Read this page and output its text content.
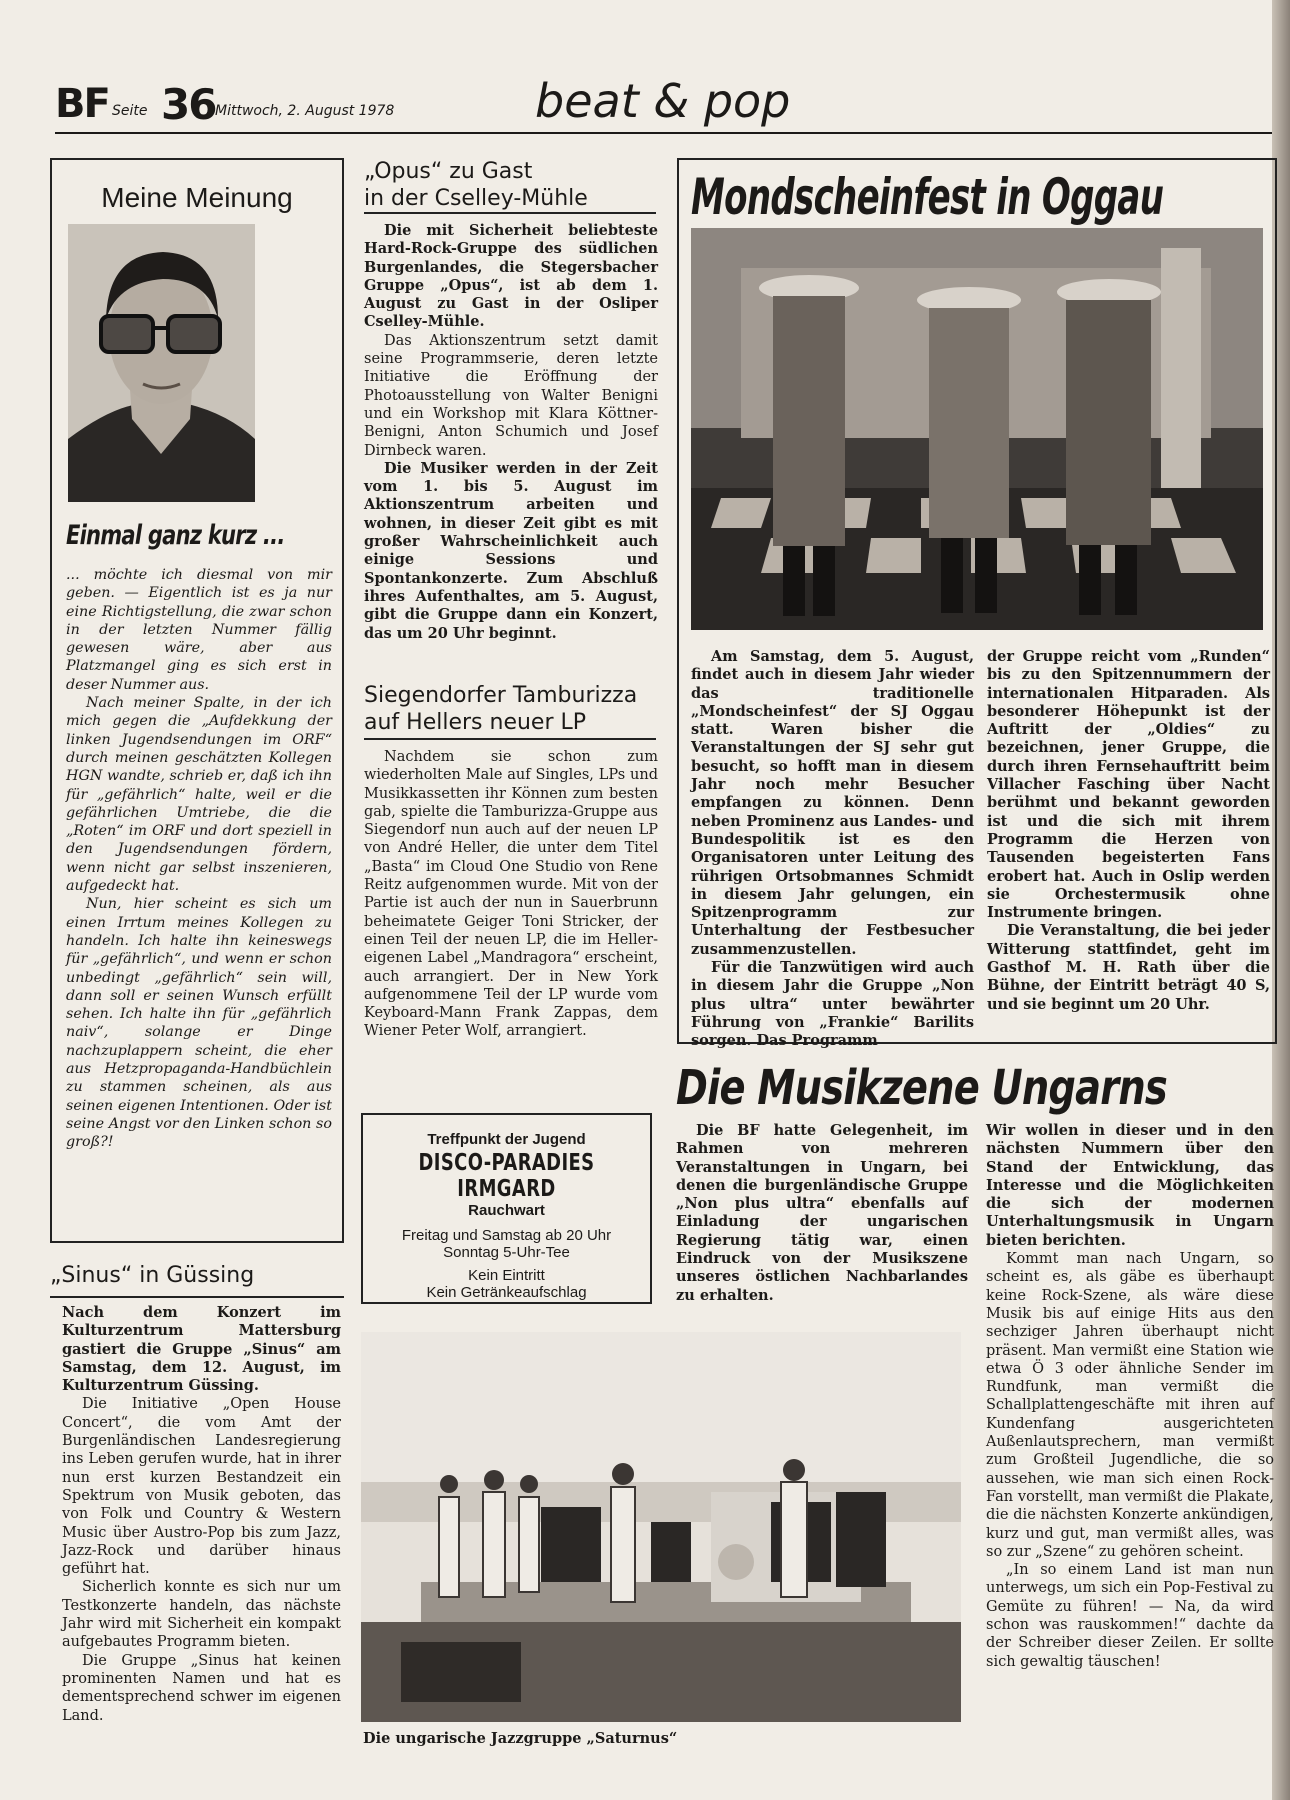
BF Seite 36 Mittwoch, 2. August 1978	beat & pop
Meine Meinung
Einmal ganz kurz ...

... möchte ich diesmal von mir geben. — Eigentlich ist es ja nur eine Richtigstellung, die zwar schon in der letzten Nummer fällig gewesen wäre, aber aus Platzmangel ging es sich erst in deser Nummer aus.

Nach meiner Spalte, in der ich mich gegen die „Aufdekkung der linken Jugendsendungen im ORF“ durch meinen geschätzten Kollegen HGN wandte, schrieb er, daß ich ihn für „gefährlich“ halte, weil er die gefährlichen Umtriebe, die die „Roten“ im ORF und dort speziell in den Jugendsendungen fördern, wenn nicht gar selbst inszenieren, aufgedeckt hat.

Nun, hier scheint es sich um einen Irrtum meines Kollegen zu handeln. Ich halte ihn keineswegs für „gefährlich“, und wenn er schon unbedingt „gefährlich“ sein will, dann soll er seinen Wunsch erfüllt sehen. Ich halte ihn für „gefährlich naiv“, solange er Dinge nachzuplappern scheint, die eher aus Hetzpropaganda-Handbüchlein zu stammen scheinen, als aus seinen eigenen Intentionen. Oder ist seine Angst vor den Linken schon so groß?!

„Sinus“ in Güssing

Nach dem Konzert im Kulturzentrum Mattersburg gastiert die Gruppe „Sinus“ am Samstag, dem 12. August, im Kulturzentrum Güssing.

Die Initiative „Open House Concert“, die vom Amt der Burgenländischen Landesregierung ins Leben gerufen wurde, hat in ihrer nun erst kurzen Bestandzeit ein Spektrum von Musik geboten, das von Folk und Country & Western Music über Austro-Pop bis zum Jazz, Jazz-Rock und darüber hinaus geführt hat.

Sicherlich konnte es sich nur um Testkonzerte handeln, das nächste Jahr wird mit Sicherheit ein kompakt aufgebautes Programm bieten.

Die Gruppe „Sinus hat keinen prominenten Namen und hat es dementsprechend schwer im eigenen Land.

„Opus“ zu Gast
in der Cselley-Mühle

Die mit Sicherheit beliebteste Hard-Rock-Gruppe des südlichen Burgenlandes, die Stegersbacher Gruppe „Opus“, ist ab dem 1. August zu Gast in der Osliper Cselley-Mühle.

Das Aktionszentrum setzt damit seine Programmserie, deren letzte Initiative die Eröffnung der Photoausstellung von Walter Benigni und ein Workshop mit Klara Köttner-Benigni, Anton Schumich und Josef Dirnbeck waren.

Die Musiker werden in der Zeit vom 1. bis 5. August im Aktionszentrum arbeiten und wohnen, in dieser Zeit gibt es mit großer Wahrscheinlichkeit auch einige Sessions und Spontankonzerte. Zum Abschluß ihres Aufenthaltes, am 5. August, gibt die Gruppe dann ein Konzert, das um 20 Uhr beginnt.

Siegendorfer Tamburizza
auf Hellers neuer LP

Nachdem sie schon zum wiederholten Male auf Singles, LPs und Musikkassetten ihr Können zum besten gab, spielte die Tamburizza-Gruppe aus Siegendorf nun auch auf der neuen LP von André Heller, die unter dem Titel „Basta“ im Cloud One Studio von Rene Reitz aufgenommen wurde. Mit von der Partie ist auch der nun in Sauerbrunn beheimatete Geiger Toni Stricker, der einen Teil der neuen LP, die im Heller-eigenen Label „Mandragora“ erscheint, auch arrangiert. Der in New York aufgenommene Teil der LP wurde vom Keyboard-Mann Frank Zappas, dem Wiener Peter Wolf, arrangiert.

Treffpunkt der Jugend
DISCO-PARADIES IRMGARD
Rauchwart
Freitag und Samstag ab 20 Uhr
Sonntag 5-Uhr-Tee
Kein Eintritt
Kein Getränkeaufschlag
Mondscheinfest in Oggau

Am Samstag, dem 5. August, findet auch in diesem Jahr wieder das traditionelle „Mondscheinfest“ der SJ Oggau statt. Waren bisher die Veranstaltungen der SJ sehr gut besucht, so hofft man in diesem Jahr noch mehr Besucher empfangen zu können. Denn neben Prominenz aus Landes- und Bundespolitik ist es den Organisatoren unter Leitung des rührigen Ortsobmannes Schmidt in diesem Jahr gelungen, ein Spitzenprogramm zur Unterhaltung der Festbesucher zusammenzustellen.

Für die Tanzwütigen wird auch in diesem Jahr die Gruppe „Non plus ultra“ unter bewährter Führung von „Frankie“ Barilits sorgen. Das Programm

der Gruppe reicht vom „Runden“ bis zu den Spitzennummern der internationalen Hitparaden. Als besonderer Höhepunkt ist der Auftritt der „Oldies“ zu bezeichnen, jener Gruppe, die durch ihren Fernsehauftritt beim Villacher Fasching über Nacht berühmt und bekannt geworden ist und die sich mit ihrem Programm die Herzen von Tausenden begeisterten Fans erobert hat. Auch in Oslip werden sie Orchestermusik ohne Instrumente bringen.

Die Veranstaltung, die bei jeder Witterung stattfindet, geht im Gasthof M. H. Rath über die Bühne, der Eintritt beträgt 40 S, und sie beginnt um 20 Uhr.

Die Musikzene Ungarns

Die BF hatte Gelegenheit, im Rahmen von mehreren Veranstaltungen in Ungarn, bei denen die burgenländische Gruppe „Non plus ultra“ ebenfalls auf Einladung der ungarischen Regierung tätig war, einen Eindruck von der Musikszene unseres östlichen Nachbarlandes zu erhalten.

Wir wollen in dieser und in den nächsten Nummern über den Stand der Entwicklung, das Interesse und die Möglichkeiten die sich der modernen Unterhaltungsmusik in Ungarn bieten berichten.

Kommt man nach Ungarn, so scheint es, als gäbe es überhaupt keine Rock-Szene, als wäre diese Musik bis auf einige Hits aus den sechziger Jahren überhaupt nicht präsent. Man vermißt eine Station wie etwa Ö 3 oder ähnliche Sender im Rundfunk, man vermißt die Schallplattengeschäfte mit ihren auf Kundenfang ausgerichteten Außenlautsprechern, man vermißt zum Großteil Jugendliche, die so aussehen, wie man sich einen Rock-Fan vorstellt, man vermißt die Plakate, die die nächsten Konzerte ankündigen, kurz und gut, man vermißt alles, was so zur „Szene“ zu gehören scheint.

„In so einem Land ist man nun unterwegs, um sich ein Pop-Festival zu Gemüte zu führen! — Na, da wird schon was rauskommen!“ dachte da der Schreiber dieser Zeilen. Er sollte sich gewaltig täuschen!

Die ungarische Jazzgruppe „Saturnus“
